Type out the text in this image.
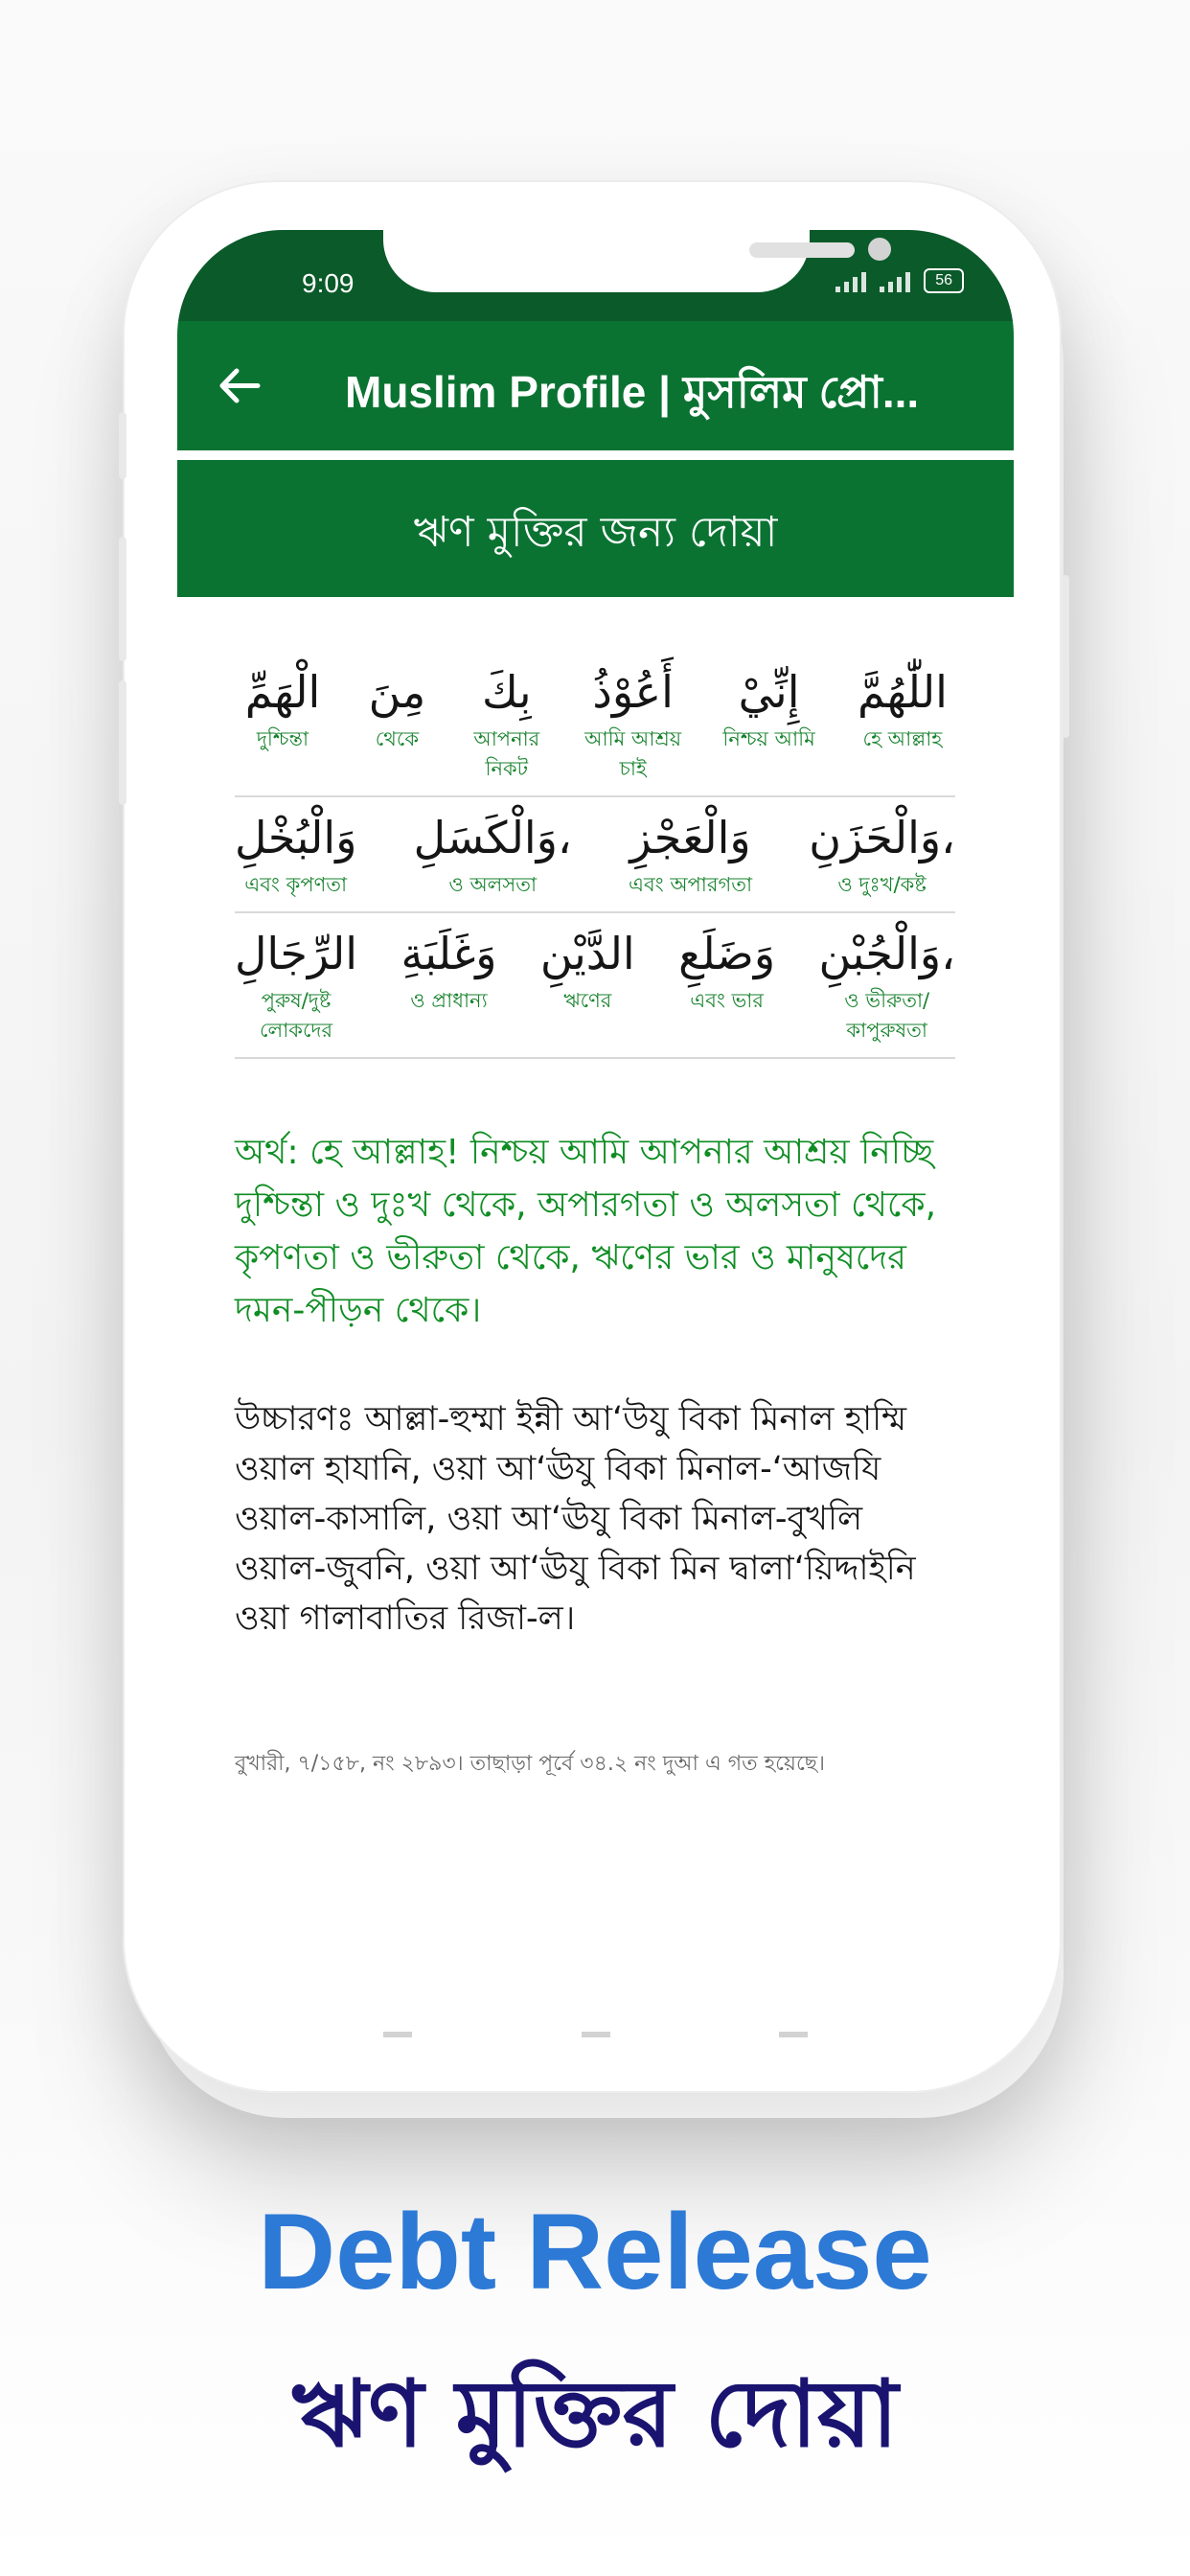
9:09	56
Muslim Profile | মুসলিম প্রো...
ঋণ মুক্তির জন্য দোয়া
اللّٰهُمَّ
হে আল্লাহ
إِنِّيْ
নিশ্চয় আমি
أَعُوْذُ
আমি আশ্রয় চাই
بِكَ
আপনার নিকট
مِنَ
থেকে
الْهَمِّ
দুশ্চিন্তা
وَالْحَزَنِ،
ও দুঃখ/কষ্ট
وَالْعَجْزِ
এবং অপারগতা
وَالْكَسَلِ،
ও অলসতা
وَالْبُخْلِ
এবং কৃপণতা
وَالْجُبْنِ،
ও ভীরুতা/ কাপুরুষতা
وَضَلَعِ
এবং ভার
الدَّيْنِ
ঋণের
وَغَلَبَةِ
ও প্রাধান্য
الرِّجَالِ
পুরুষ/দুষ্ট লোকদের
অর্থ: হে আল্লাহ! নিশ্চয় আমি আপনার আশ্রয় নিচ্ছি দুশ্চিন্তা ও দুঃখ থেকে, অপারগতা ও অলসতা থেকে, কৃপণতা ও ভীরুতা থেকে, ঋণের ভার ও মানুষদের দমন-পীড়ন থেকে।
উচ্চারণঃ আল্লা-হুম্মা ইন্নী আ‘উযু বিকা মিনাল হাম্মি ওয়াল হাযানি, ওয়া আ‘ঊযু বিকা মিনাল-‘আজযি ওয়াল-কাসালি, ওয়া আ‘ঊযু বিকা মিনাল-বুখলি ওয়াল-জুবনি, ওয়া আ‘ঊযু বিকা মিন দ্বালা‘য়িদ্দাইনি ওয়া গালাবাতির রিজা-ল।
বুখারী, ৭/১৫৮, নং ২৮৯৩। তাছাড়া পূর্বে ৩৪.২ নং দুআ এ গত হয়েছে।
Debt Release
ঋণ মুক্তির দোয়া
